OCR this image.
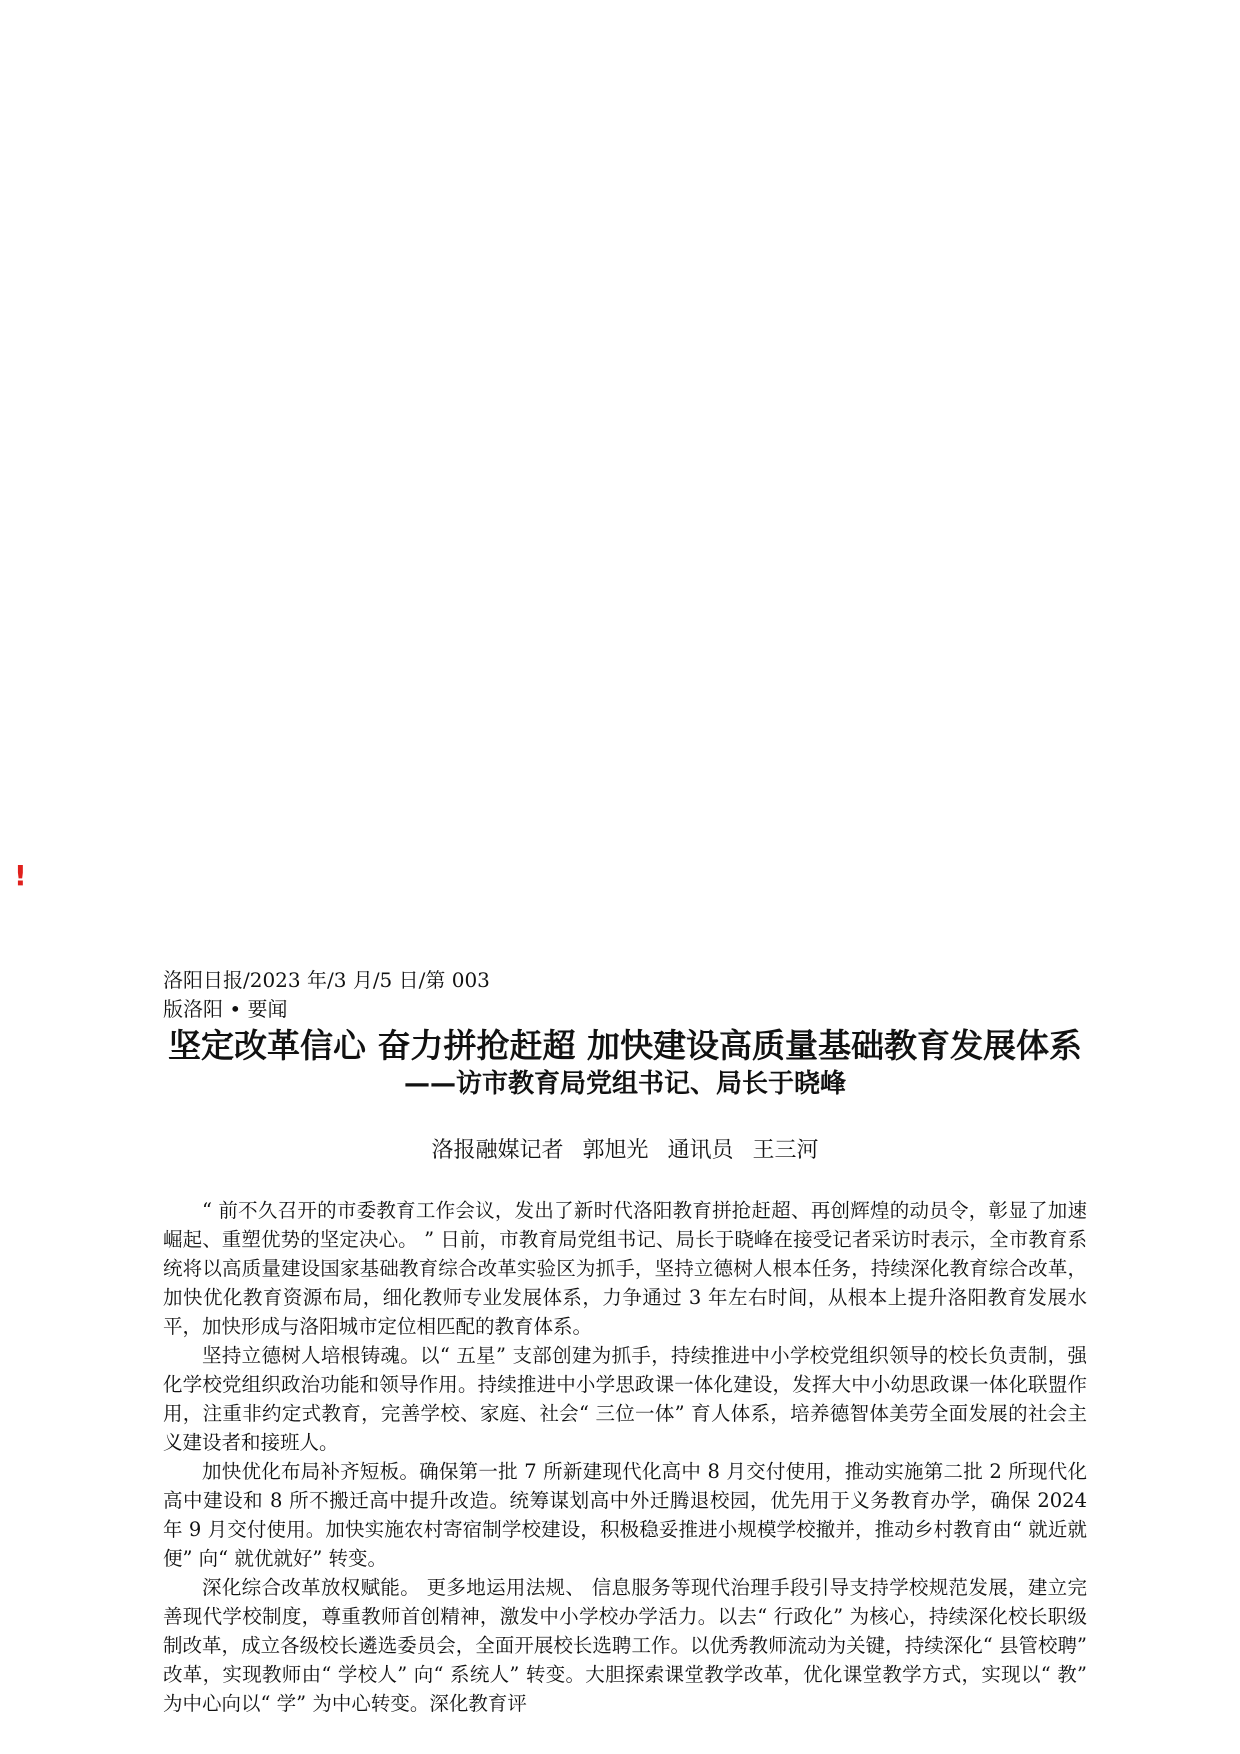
!
洛阳日报/2023 年/3 月/5 日/第 003
版洛阳 • 要闻
坚定改革信心 奋力拼抢赶超 加快建设高质量基础教育发展体系
——访市教育局党组书记、局长于晓峰
洛报融媒记者 郭旭光 通讯员 王三河

“ 前不久召开的市委教育工作会议，发出了新时代洛阳教育拼抢赶超、再创辉煌的动员令，彰显了加速崛起、重塑优势的坚定决心。 ” 日前，市教育局党组书记、局长于晓峰在接受记者采访时表示，全市教育系统将以高质量建设国家基础教育综合改革实验区为抓手，坚持立德树人根本任务，持续深化教育综合改革，加快优化教育资源布局，细化教师专业发展体系，力争通过 3 年左右时间，从根本上提升洛阳教育发展水平，加快形成与洛阳城市定位相匹配的教育体系。

坚持立德树人培根铸魂。以“ 五星” 支部创建为抓手，持续推进中小学校党组织领导的校长负责制，强化学校党组织政治功能和领导作用。持续推进中小学思政课一体化建设，发挥大中小幼思政课一体化联盟作用，注重非约定式教育，完善学校、家庭、社会“ 三位一体” 育人体系，培养德智体美劳全面发展的社会主义建设者和接班人。

加快优化布局补齐短板。确保第一批 7 所新建现代化高中 8 月交付使用，推动实施第二批 2 所现代化高中建设和 8 所不搬迁高中提升改造。统筹谋划高中外迁腾退校园，优先用于义务教育办学，确保 2024 年 9 月交付使用。加快实施农村寄宿制学校建设，积极稳妥推进小规模学校撤并，推动乡村教育由“ 就近就便” 向“ 就优就好” 转变。

深化综合改革放权赋能。 更多地运用法规、 信息服务等现代治理手段引导支持学校规范发展，建立完善现代学校制度，尊重教师首创精神，激发中小学校办学活力。以去“ 行政化” 为核心，持续深化校长职级制改革，成立各级校长遴选委员会，全面开展校长选聘工作。以优秀教师流动为关键，持续深化“ 县管校聘” 改革，实现教师由“ 学校人” 向“ 系统人” 转变。大胆探索课堂教学改革，优化课堂教学方式，实现以“ 教” 为中心向以“ 学” 为中心转变。深化教育评
